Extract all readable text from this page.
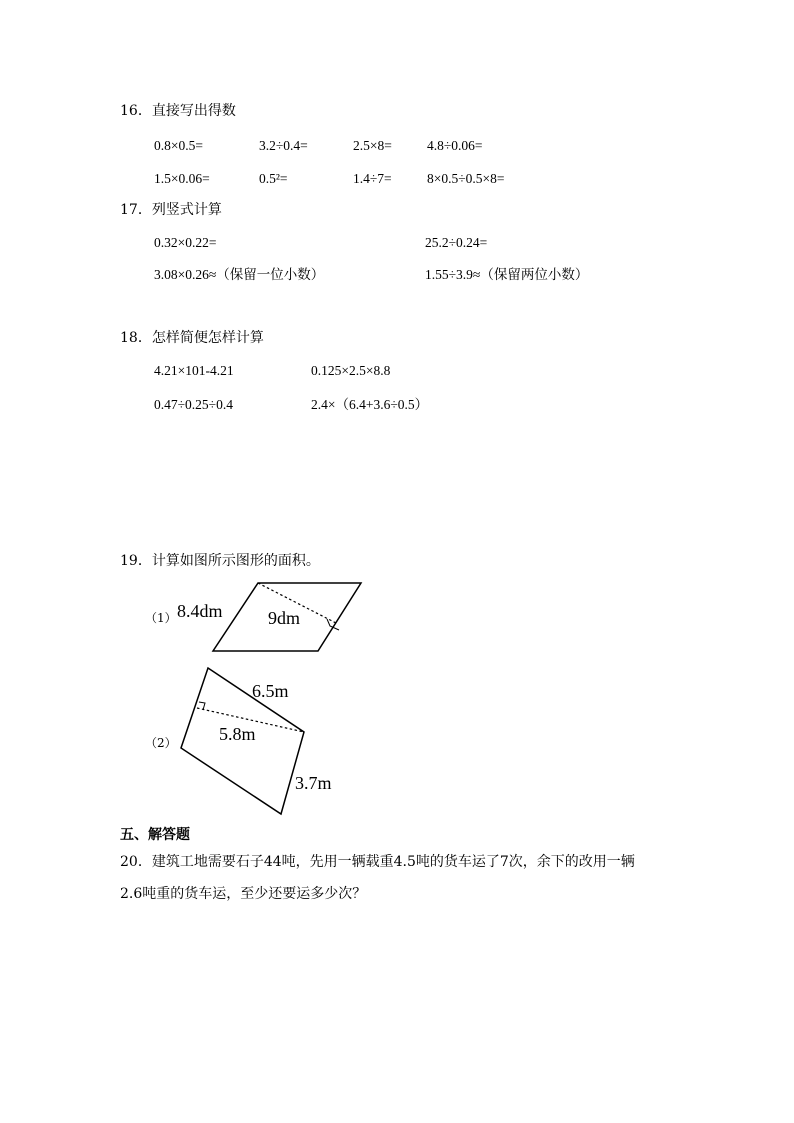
16．直接写出得数
0.8×0.5=	3.2÷0.4=	2.5×8=	4.8÷0.06=
1.5×0.06=	0.5²=	1.4÷7=	8×0.5÷0.5×8=
17．列竖式计算
0.32×0.22=	25.2÷0.24=
3.08×0.26≈（保留一位小数）	1.55÷3.9≈（保留两位小数）
18．怎样简便怎样计算
4.21×101-4.21	0.125×2.5×8.8
0.47÷0.25÷0.4	2.4×（6.4+3.6÷0.5）
19．计算如图所示图形的面积。
（1） 8.4dm	9dm
（2）
6.5m
5.8m
3.7m
五、解答题
20．建筑工地需要石子44吨，先用一辆载重4.5吨的货车运了7次，余下的改用一辆
2.6吨重的货车运，至少还要运多少次？
